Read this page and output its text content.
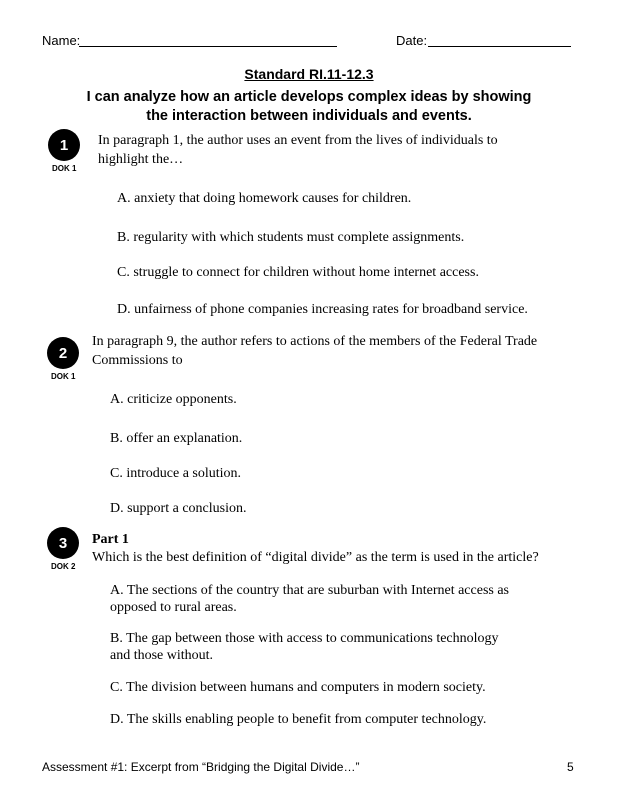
Name:	Date:
Standard RI.11-12.3
I can analyze how an article develops complex ideas by showing
the interaction between individuals and events.
1
DOK 1
In paragraph 1, the author uses an event from the lives of individuals to
highlight the…
A. anxiety that doing homework causes for children.
B. regularity with which students must complete assignments.
C. struggle to connect for children without home internet access.
D. unfairness of phone companies increasing rates for broadband service.
2
DOK 1
In paragraph 9, the author refers to actions of the members of the Federal Trade
Commissions to
A. criticize opponents.
B. offer an explanation.
C. introduce a solution.
D. support a conclusion.
3
DOK 2
Part 1
Which is the best definition of “digital divide” as the term is used in the article?
A. The sections of the country that are suburban with Internet access as
opposed to rural areas.
B. The gap between those with access to communications technology
and those without.
C. The division between humans and computers in modern society.
D. The skills enabling people to benefit from computer technology.
Assessment #1: Excerpt from “Bridging the Digital Divide…”	5
